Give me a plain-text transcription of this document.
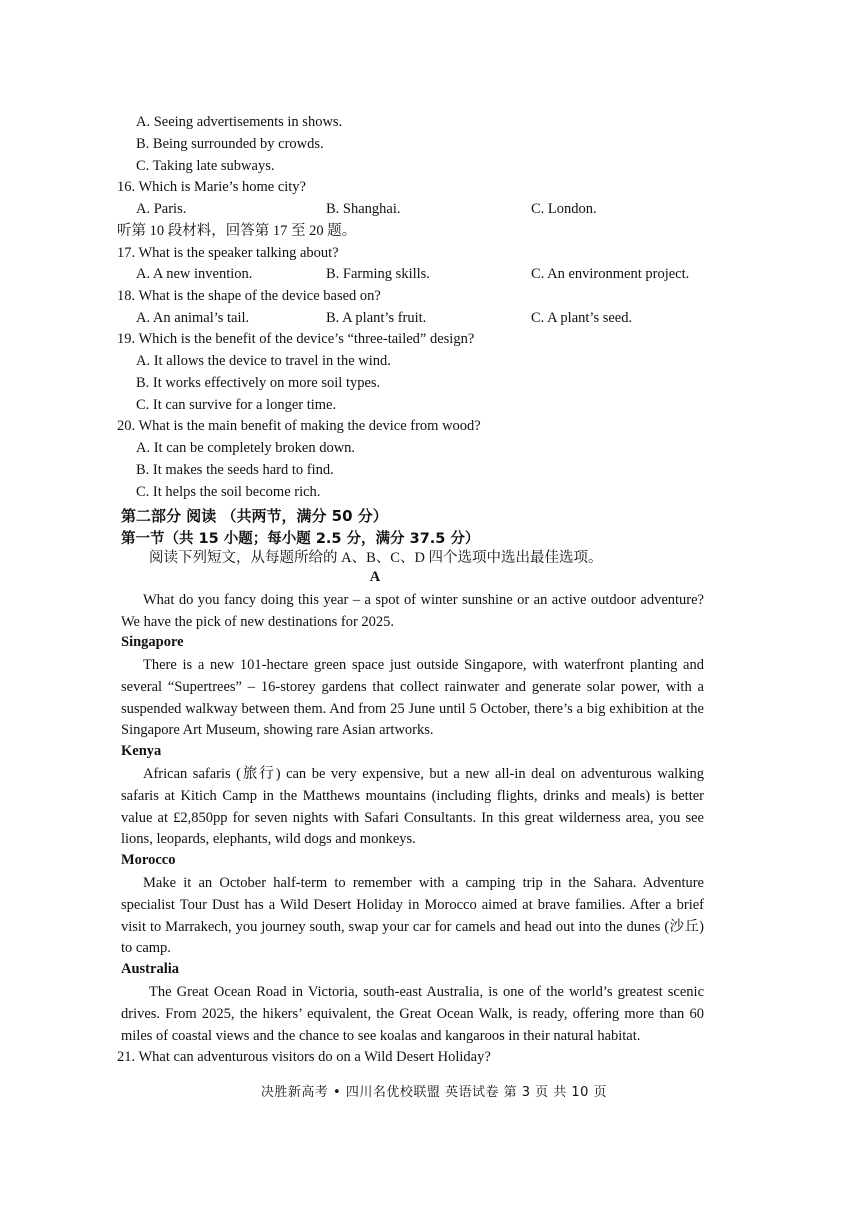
A. Seeing advertisements in shows.
B. Being surrounded by crowds.
C. Taking late subways.
16. Which is Marie’s home city?
A. Paris.	B. Shanghai.	C. London.
听第 10 段材料，回答第 17 至 20 题。
17. What is the speaker talking about?
A. A new invention.	B. Farming skills.	C. An environment project.
18. What is the shape of the device based on?
A. An animal’s tail.	B. A plant’s fruit.	C. A plant’s seed.
19. Which is the benefit of the device’s “three-tailed” design?
A. It allows the device to travel in the wind.
B. It works effectively on more soil types.
C. It can survive for a longer time.
20. What is the main benefit of making the device from wood?
A. It can be completely broken down.
B. It makes the seeds hard to find.
C. It helps the soil become rich.
第二部分 阅读 （共两节，满分 50 分）
第一节（共 15 小题；每小题 2.5 分，满分 37.5 分）
阅读下列短文，从每题所给的 A、B、C、D 四个选项中选出最佳选项。
A

What do you fancy doing this year – a spot of winter sunshine or an active outdoor adventure? We have the pick of new destinations for 2025.

Singapore

There is a new 101-hectare green space just outside Singapore, with waterfront planting and several “Supertrees” – 16-storey gardens that collect rainwater and generate solar power, with a suspended walkway between them. And from 25 June until 5 October, there’s a big exhibition at the Singapore Art Museum, showing rare Asian artworks.

Kenya

African safaris (旅行) can be very expensive, but a new all-in deal on adventurous walking safaris at Kitich Camp in the Matthews mountains (including flights, drinks and meals) is better value at £2,850pp for seven nights with Safari Consultants. In this great wilderness area, you see lions, leopards, elephants, wild dogs and monkeys.

Morocco

Make it an October half-term to remember with a camping trip in the Sahara. Adventure specialist Tour Dust has a Wild Desert Holiday in Morocco aimed at brave families. After a brief visit to Marrakech, you journey south, swap your car for camels and head out into the dunes (沙丘) to camp.

Australia

The Great Ocean Road in Victoria, south-east Australia, is one of the world’s greatest scenic drives. From 2025, the hikers’ equivalent, the Great Ocean Walk, is ready, offering more than 60 miles of coastal views and the chance to see koalas and kangaroos in their natural habitat.

21. What can adventurous visitors do on a Wild Desert Holiday?
决胜新高考 • 四川名优校联盟 英语试卷 第 3 页 共 10 页
